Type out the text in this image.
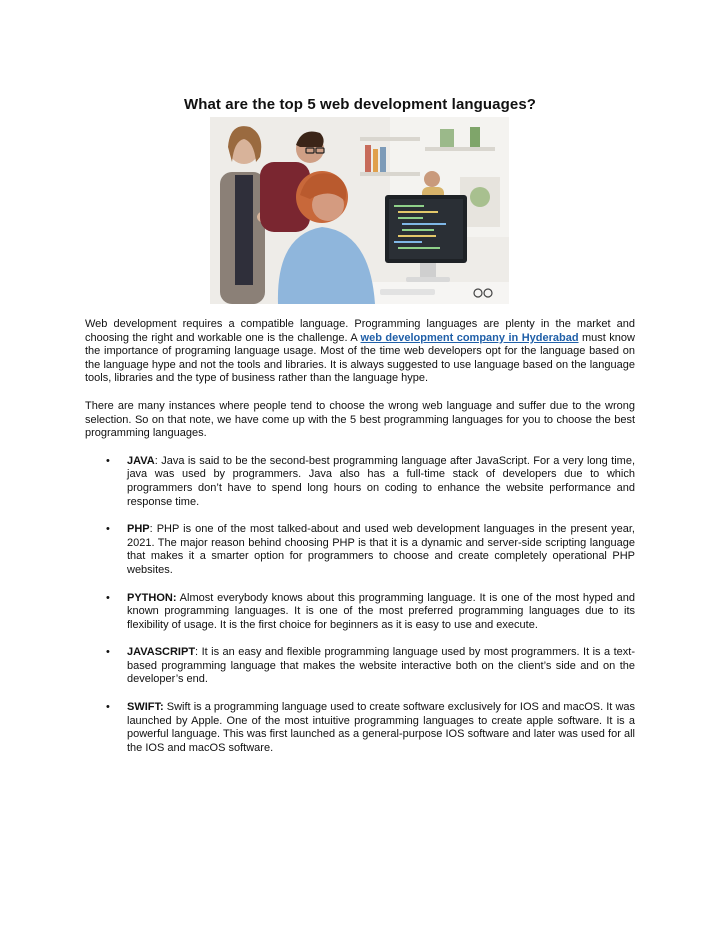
What are the top 5 web development languages?

Web development requires a compatible language. Programming languages are plenty in the market and choosing the right and workable one is the challenge. A web development company in Hyderabad must know the importance of programing language usage. Most of the time web developers opt for the language based on the language hype and not the tools and libraries. It is always suggested to use language based on the language tools, libraries and the type of business rather than the language hype.

There are many instances where people tend to choose the wrong web language and suffer due to the wrong selection. So on that note, we have come up with the 5 best programming languages for you to choose the best programming languages.

• JAVA: Java is said to be the second-best programming language after JavaScript. For a very long time, java was used by programmers. Java also has a full-time stack of developers due to which programmers don’t have to spend long hours on coding to enhance the website performance and response time.
• PHP: PHP is one of the most talked-about and used web development languages in the present year, 2021. The major reason behind choosing PHP is that it is a dynamic and server-side scripting language that makes it a smarter option for programmers to choose and create completely operational PHP websites.
• PYTHON: Almost everybody knows about this programming language. It is one of the most hyped and known programming languages. It is one of the most preferred programming languages due to its flexibility of usage. It is the first choice for beginners as it is easy to use and execute.
• JAVASCRIPT: It is an easy and flexible programming language used by most programmers. It is a text-based programming language that makes the website interactive both on the client’s side and on the developer’s end.
• SWIFT: Swift is a programming language used to create software exclusively for IOS and macOS. It was launched by Apple. One of the most intuitive programming languages to create apple software. It is a powerful language. This was first launched as a general-purpose IOS software and later was used for all the IOS and macOS software.
